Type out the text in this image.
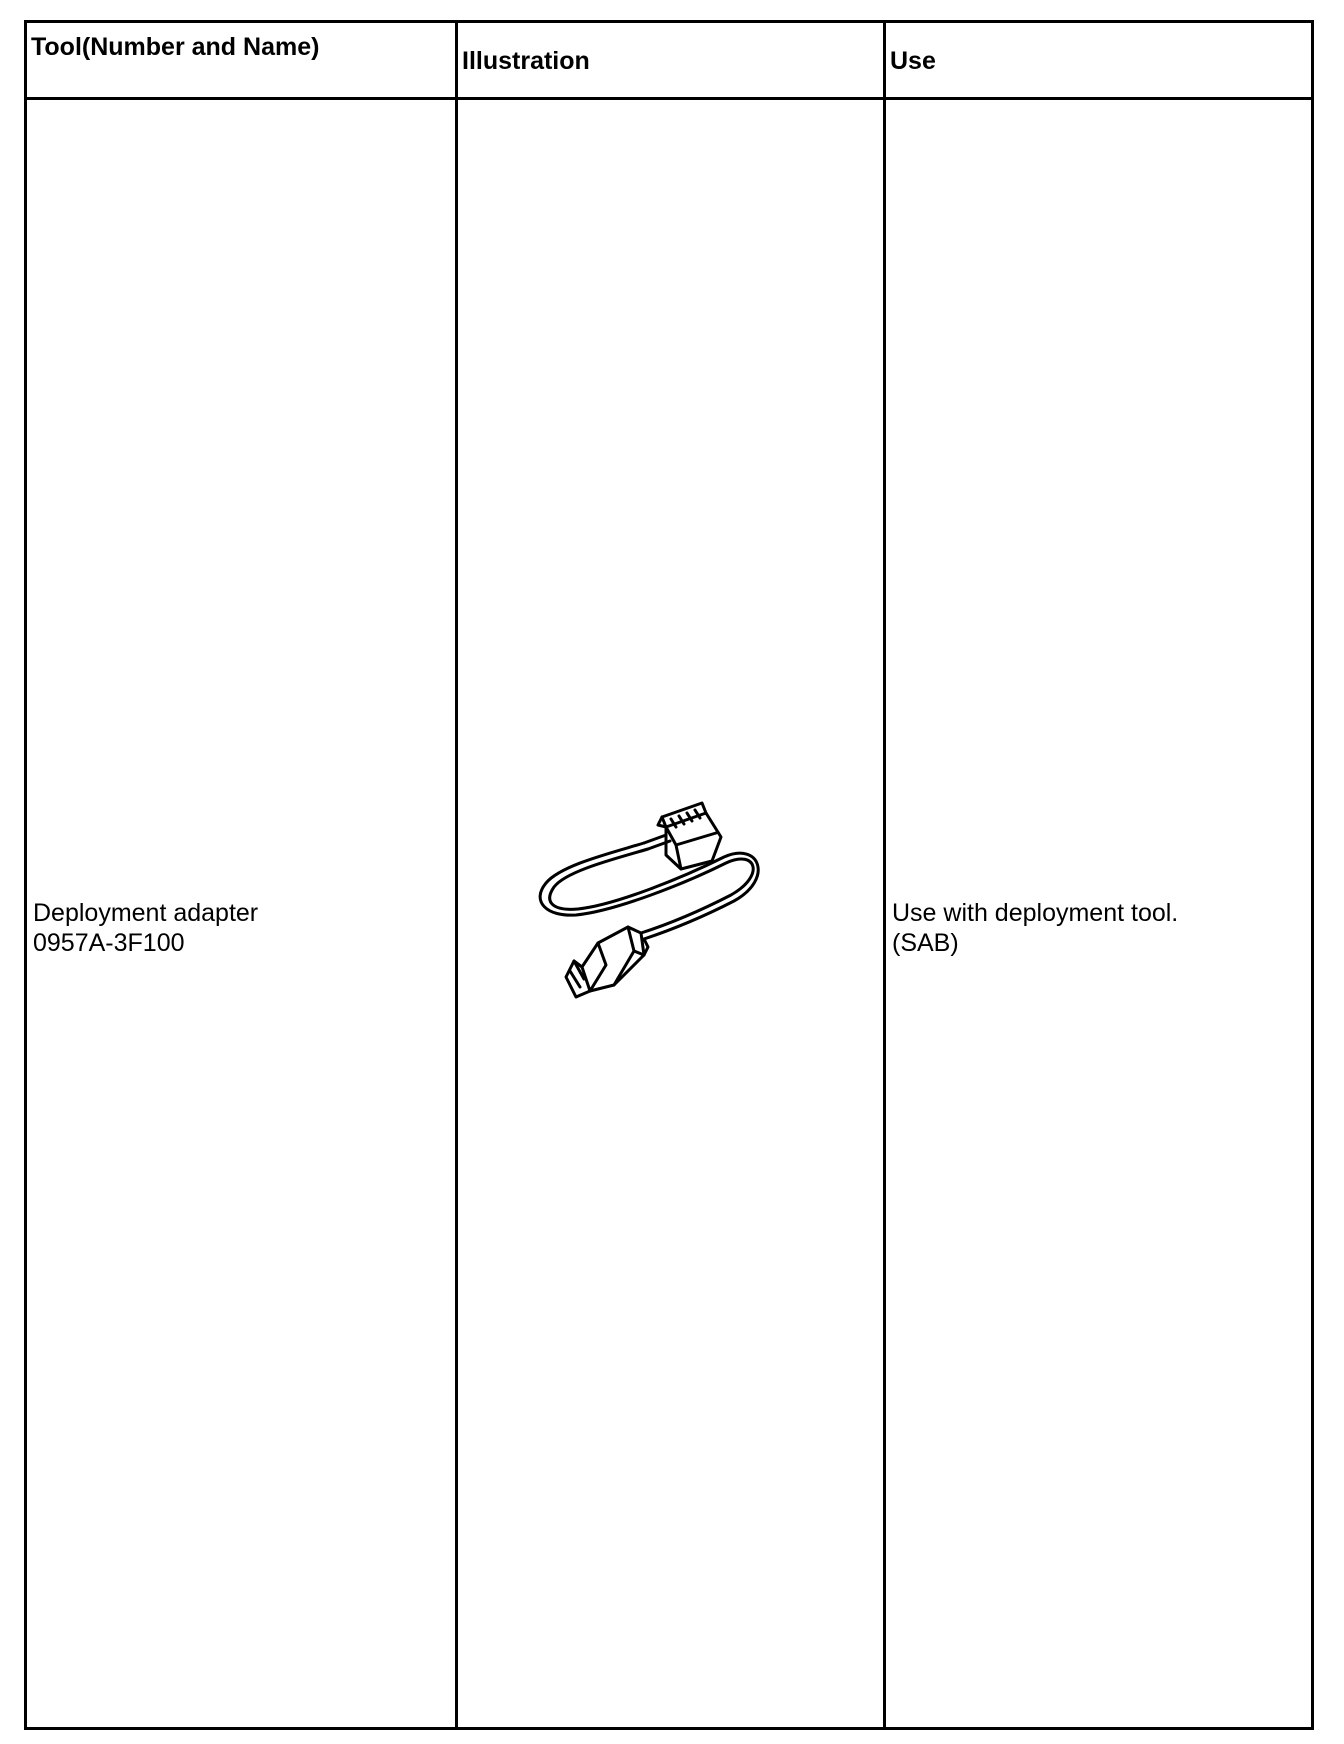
Tool(Number and Name)	Illustration	Use
Deployment adapter
0957A-3F100
Use with deployment tool.
(SAB)
